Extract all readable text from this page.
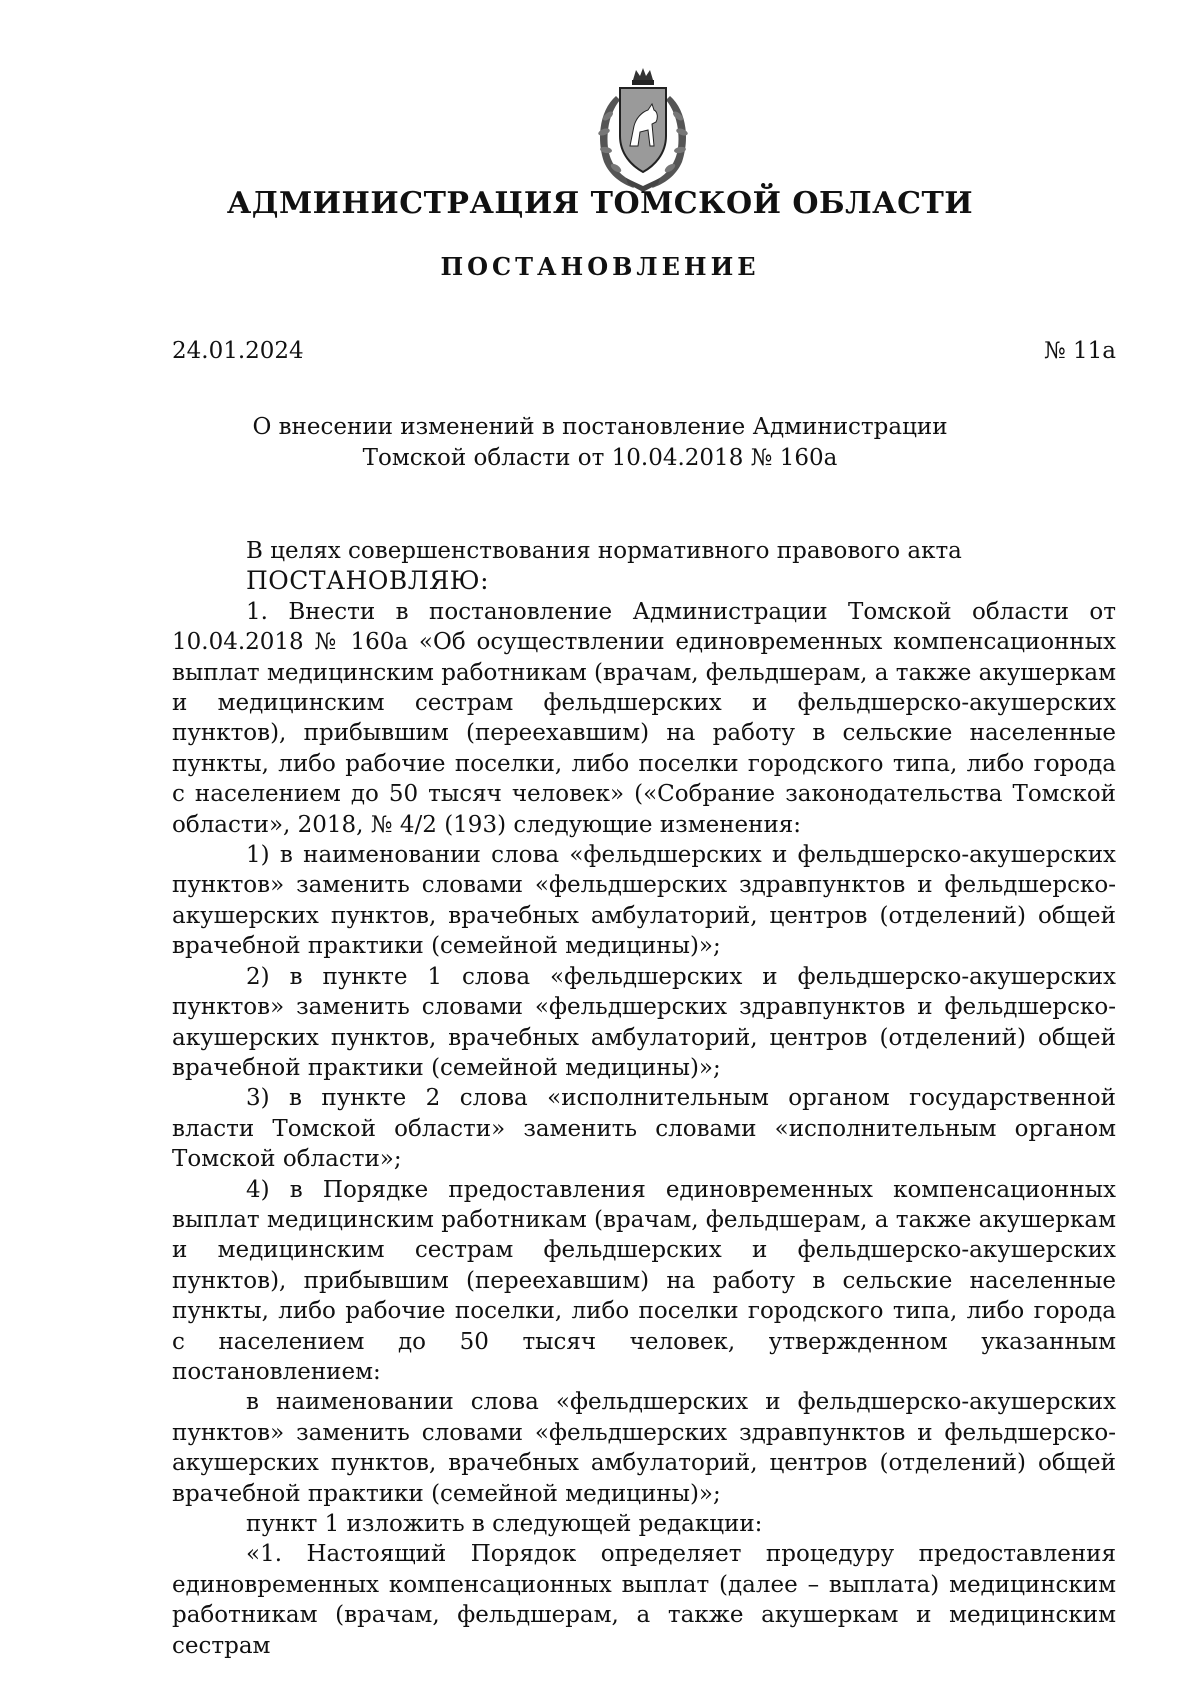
АДМИНИСТРАЦИЯ ТОМСКОЙ ОБЛАСТИ
ПОСТАНОВЛЕНИЕ
24.01.2024	№ 11а
О внесении изменений в постановление Администрации
Томской области от 10.04.2018 № 160а

В целях совершенствования нормативного правового акта

ПОСТАНОВЛЯЮ:

1. Внести в постановление Администрации Томской области от 10.04.2018 № 160а «Об осуществлении единовременных компенсационных выплат медицинским работникам (врачам, фельдшерам, а также акушеркам и медицинским сестрам фельдшерских и фельдшерско-акушерских пунктов), прибывшим (переехавшим) на работу в сельские населенные пункты, либо рабочие поселки, либо поселки городского типа, либо города с населением до 50 тысяч человек» («Собрание законодательства Томской области», 2018, № 4/2 (193) следующие изменения:

1) в наименовании слова «фельдшерских и фельдшерско-акушерских пунктов» заменить словами «фельдшерских здравпунктов и фельдшерско-акушерских пунктов, врачебных амбулаторий, центров (отделений) общей врачебной практики (семейной медицины)»;

2) в пункте 1 слова «фельдшерских и фельдшерско-акушерских пунктов» заменить словами «фельдшерских здравпунктов и фельдшерско-акушерских пунктов, врачебных амбулаторий, центров (отделений) общей врачебной практики (семейной медицины)»;

3) в пункте 2 слова «исполнительным органом государственной власти Томской области» заменить словами «исполнительным органом Томской области»;

4) в Порядке предоставления единовременных компенсационных выплат медицинским работникам (врачам, фельдшерам, а также акушеркам и медицинским сестрам фельдшерских и фельдшерско-акушерских пунктов), прибывшим (переехавшим) на работу в сельские населенные пункты, либо рабочие поселки, либо поселки городского типа, либо города с населением до 50 тысяч человек, утвержденном указанным постановлением:

в наименовании слова «фельдшерских и фельдшерско-акушерских пунктов» заменить словами «фельдшерских здравпунктов и фельдшерско-акушерских пунктов, врачебных амбулаторий, центров (отделений) общей врачебной практики (семейной медицины)»;

пункт 1 изложить в следующей редакции:

«1. Настоящий Порядок определяет процедуру предоставления единовременных компенсационных выплат (далее – выплата) медицинским работникам (врачам, фельдшерам, а также акушеркам и медицинским сестрам
